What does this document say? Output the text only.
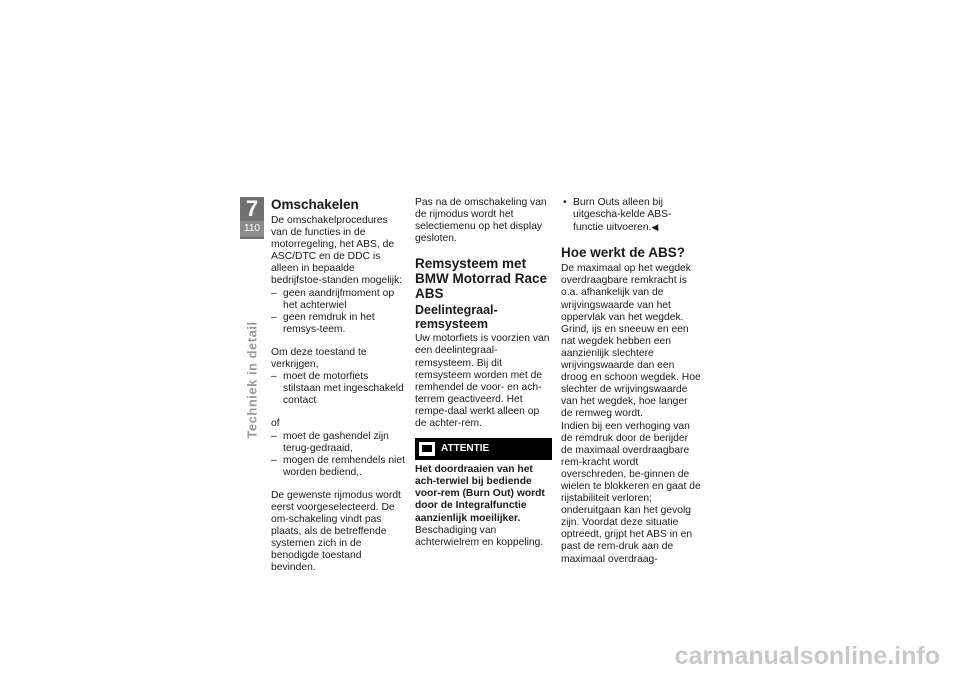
7
110
Techniek in detail
Omschakelen

De omschakelprocedures van de functies in de motorregeling, het ABS, de ASC/DTC en de DDC is alleen in bepaalde bedrijfstoe-standen mogelijk:

– geen aandrijfmoment op het achterwiel
– geen remdruk in het remsys-teem.

Om deze toestand te verkrijgen,

– moet de motorfiets stilstaan met ingeschakeld contact

of

– moet de gashendel zijn terug-gedraaid,
– mogen de remhendels niet worden bediend,.

De gewenste rijmodus wordt eerst voorgeselecteerd. De om-schakeling vindt pas plaats, als de betreffende systemen zich in de benodigde toestand bevinden.

Pas na de omschakeling van de rijmodus wordt het selectiemenu op het display gesloten.

Remsysteem met BMW Motorrad Race ABS
Deelintegraal-remsysteem

Uw motorfiets is voorzien van een deelintegraal-remsysteem. Bij dit remsysteem worden met de remhendel de voor- en ach-terrem geactiveerd. Het rempe-daal werkt alleen op de achter-rem.

ATTENTIE

Het doordraaien van het ach-terwiel bij bediende voor-rem (Burn Out) wordt door de Integralfunctie aanzienlijk moeilijker.

Beschadiging van achterwielrem en koppeling.

• Burn Outs alleen bij uitgescha-kelde ABS-functie uitvoeren.◀
Hoe werkt de ABS?

De maximaal op het wegdek overdraagbare remkracht is o.a. afhankelijk van de wrijvingswaarde van het oppervlak van het wegdek. Grind, ijs en sneeuw en een nat wegdek hebben een aanzienlijk slechtere wrijvingswaarde dan een droog en schoon wegdek. Hoe slechter de wrijvingswaarde van het wegdek, hoe langer de remweg wordt.

Indien bij een verhoging van de remdruk door de berijder de maximaal overdraagbare rem-kracht wordt overschreden, be-ginnen de wielen te blokkeren en gaat de rijstabiliteit verloren; onderuitgaan kan het gevolg zijn. Voordat deze situatie optreedt, grijpt het ABS in en past de rem-druk aan de maximaal overdraag-

carmanualsonline.info
